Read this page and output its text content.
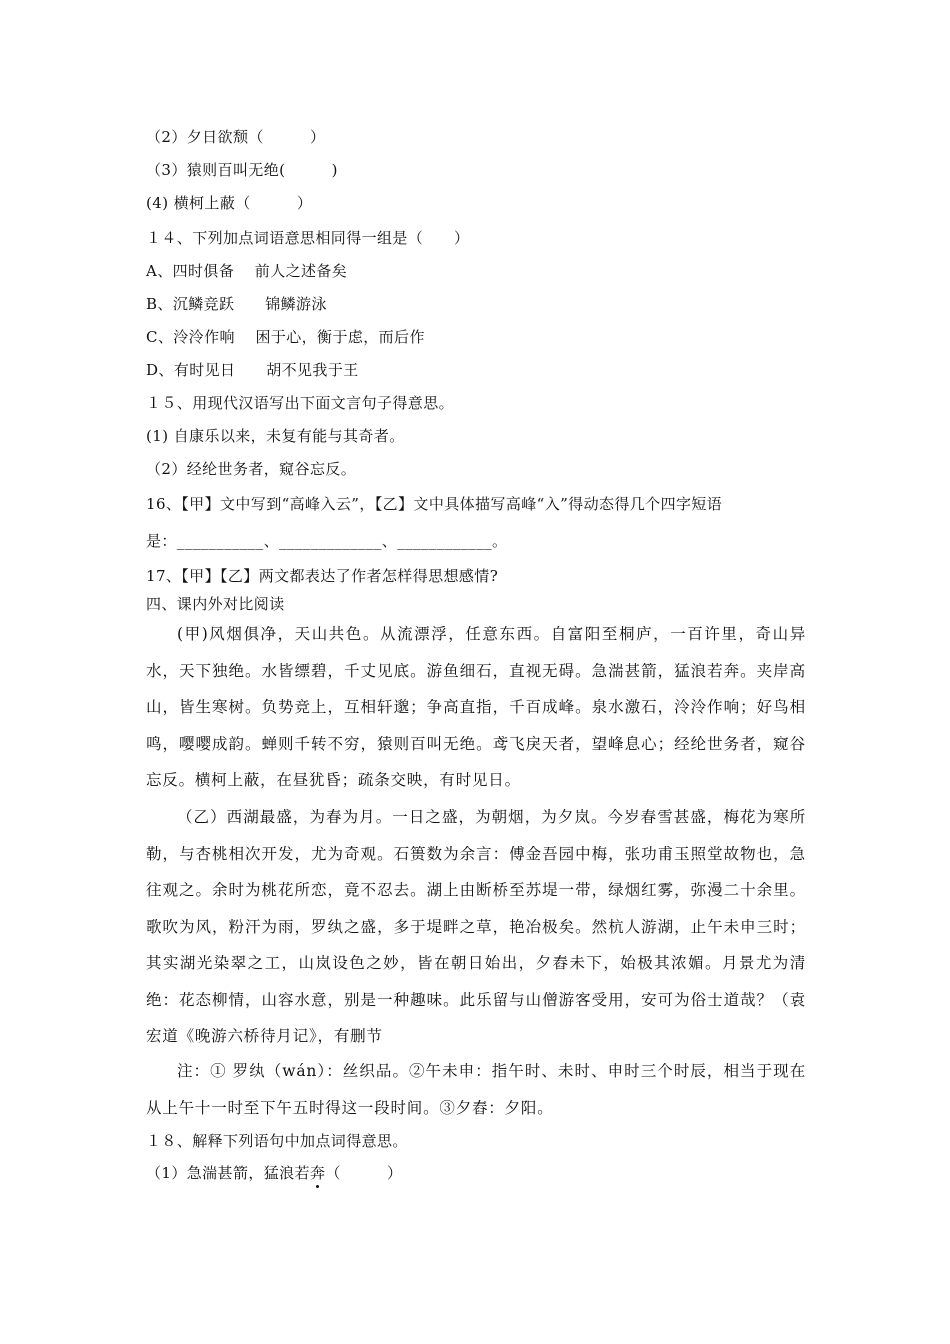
（2）夕日欲颓（　　　）
（3）猿则百叫无绝(　　　)
(4) 横柯上蔽（　　　）
１４、下列加点词语意思相同得一组是（　　）
A、四时俱备　 前人之述备矣
B、沉鳞竞跃　　锦鳞游泳
C、泠泠作响　 困于心，衡于虑，而后作
D、有时见日　　胡不见我于王
１５、用现代汉语写出下面文言句子得意思。
(1) 自康乐以来，未复有能与其奇者。
（2）经纶世务者，窥谷忘反。
16、【甲】文中写到“高峰入云”，【乙】文中具体描写高峰“入”得动态得几个四字短语
是：___________、_____________、____________。
17、【甲】【乙】两文都表达了作者怎样得思想感情?
四、课内外对比阅读
(甲)风烟俱净，天山共色。从流漂浮，任意东西。自富阳至桐庐，一百许里，奇山异水，天下独绝。水皆缥碧，千丈见底。游鱼细石，直视无碍。急湍甚箭，猛浪若奔。夹岸高山，皆生寒树。负势竞上，互相轩邈；争高直指，千百成峰。泉水激石，泠泠作响；好鸟相鸣，嘤嘤成韵。蝉则千转不穷，猿则百叫无绝。鸢飞戾天者，望峰息心；经纶世务者，窥谷忘反。横柯上蔽，在昼犹昏；疏条交映，有时见日。
（乙）西湖最盛，为春为月。一日之盛，为朝烟，为夕岚。今岁春雪甚盛，梅花为寒所勒，与杏桃相次开发，尤为奇观。石篑数为余言：傅金吾园中梅，张功甫玉照堂故物也，急往观之。余时为桃花所恋，竟不忍去。湖上由断桥至苏堤一带，绿烟红雾，弥漫二十余里。歌吹为风，粉汗为雨，罗纨之盛，多于堤畔之草，艳冶极矣。然杭人游湖，止午未申三时；其实湖光染翠之工，山岚设色之妙，皆在朝日始出，夕舂未下，始极其浓媚。月景尤为清绝：花态柳情，山容水意，别是一种趣味。此乐留与山僧游客受用，安可为俗士道哉？（袁宏道《晚游六桥待月记》，有删节
注：① 罗纨（wán）：丝织品。②午未申：指午时、未时、申时三个时辰，相当于现在从上午十一时至下午五时得这一段时间。③夕舂：夕阳。
１８、解释下列语句中加点词得意思。
（1）急湍甚箭，猛浪若奔（　　　）
